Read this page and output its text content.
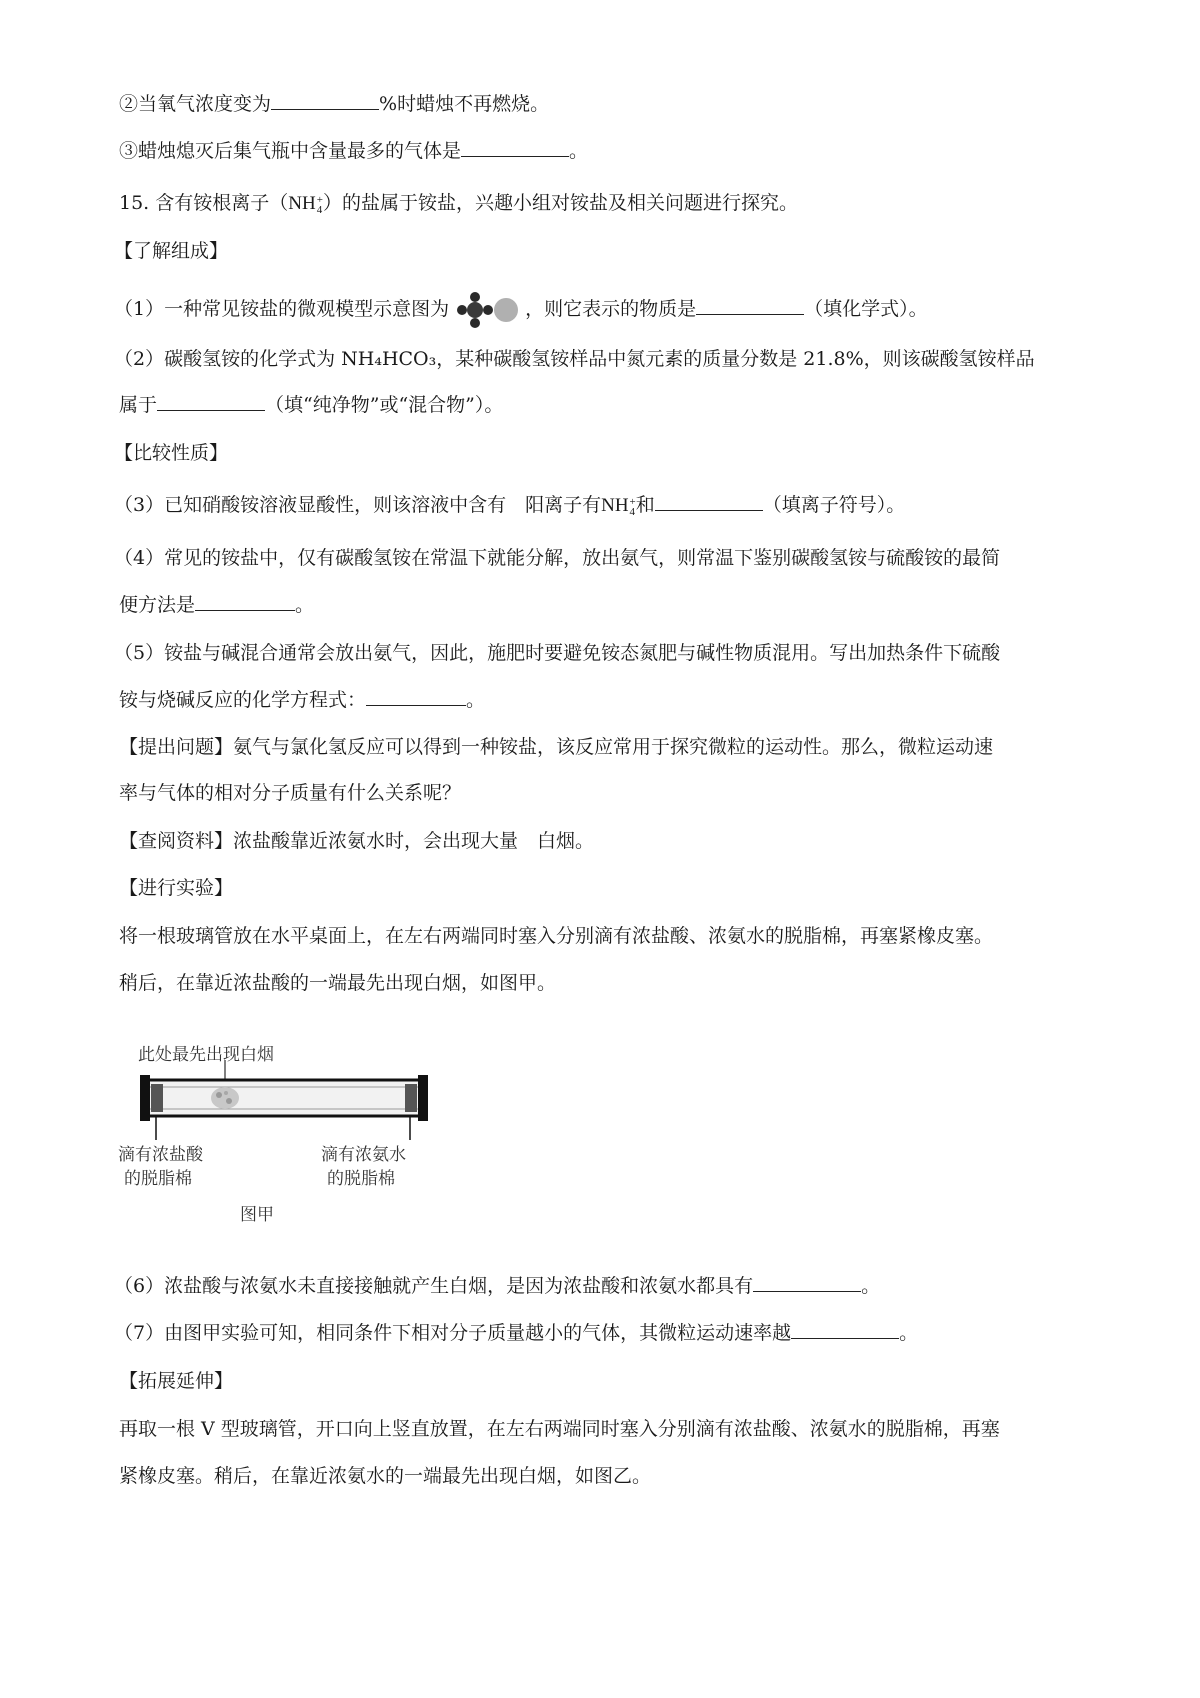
②当氧气浓度变为	%时蜡烛不再燃烧。
③蜡烛熄灭后集气瓶中含量最多的气体是	。
15. 含有铵根离子（NH+
4）的盐属于铵盐，兴趣小组对铵盐及相关问题进行探究。
【了解组成】
（1）一种常见铵盐的微观模型示意图为	，则它表示的物质是	（填化学式）。
（2）碳酸氢铵的化学式为 NH₄HCO₃，某种碳酸氢铵样品中氮元素的质量分数是 21.8%，则该碳酸氢铵样品
属于	（填“纯净物”或“混合物”）。
【比较性质】
（3）已知硝酸铵溶液显酸性，则该溶液中含有　阳离子有NH+
4和	（填离子符号）。
（4）常见的铵盐中，仅有碳酸氢铵在常温下就能分解，放出氨气，则常温下鉴别碳酸氢铵与硫酸铵的最简
便方法是	。
（5）铵盐与碱混合通常会放出氨气，因此，施肥时要避免铵态氮肥与碱性物质混用。写出加热条件下硫酸
铵与烧碱反应的化学方程式：	。
【提出问题】氨气与氯化氢反应可以得到一种铵盐，该反应常用于探究微粒的运动性。那么，微粒运动速
率与气体的相对分子质量有什么关系呢？
【查阅资料】浓盐酸靠近浓氨水时，会出现大量　白烟。
【进行实验】
将一根玻璃管放在水平桌面上，在左右两端同时塞入分别滴有浓盐酸、浓氨水的脱脂棉，再塞紧橡皮塞。
稍后，在靠近浓盐酸的一端最先出现白烟，如图甲。
此处最先出现白烟
滴有浓盐酸
的脱脂棉
滴有浓氨水
的脱脂棉
图甲
（6）浓盐酸与浓氨水未直接接触就产生白烟，是因为浓盐酸和浓氨水都具有	。
（7）由图甲实验可知，相同条件下相对分子质量越小的气体，其微粒运动速率越	。
【拓展延伸】
再取一根 V 型玻璃管，开口向上竖直放置，在左右两端同时塞入分别滴有浓盐酸、浓氨水的脱脂棉，再塞
紧橡皮塞。稍后，在靠近浓氨水的一端最先出现白烟，如图乙。
